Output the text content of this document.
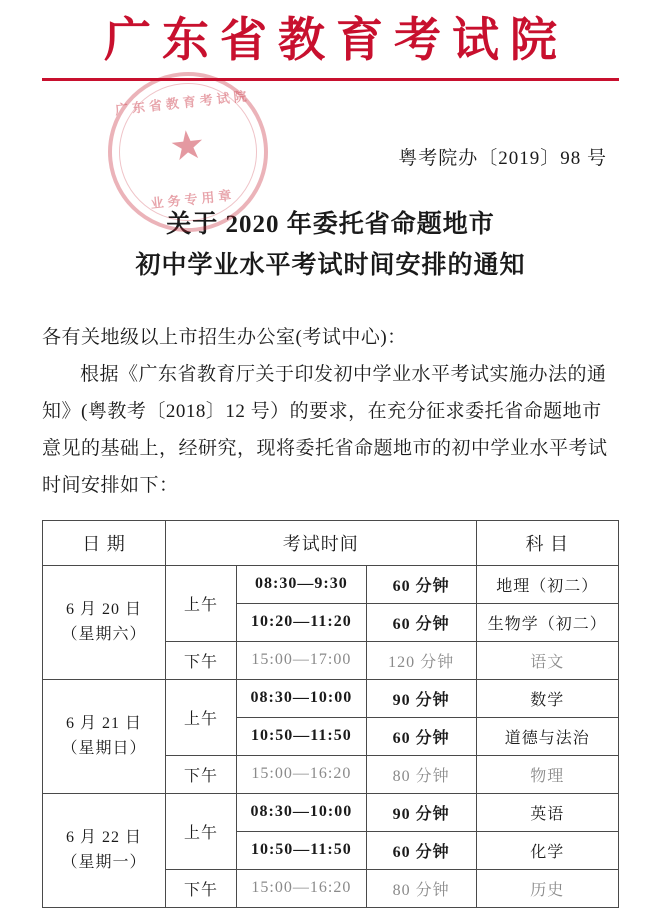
广东省教育考试院
广东省教育考试院
★
业务专用章
粤考院办〔2019〕98 号
关于 2020 年委托省命题地市
初中学业水平考试时间安排的通知

各有关地级以上市招生办公室(考试中心)：

根据《广东省教育厅关于印发初中学业水平考试实施办法的通知》(粤教考〔2018〕12 号）的要求，在充分征求委托省命题地市意见的基础上，经研究，现将委托省命题地市的初中学业水平考试时间安排如下：

日 期	考试时间			科 目

6 月 20 日
（星期六）	上午	08:30—9:30	60 分钟	地理（初二）
		10:20—11:20	60 分钟	生物学（初二）
	下午	15:00—17:00	120 分钟	语文

6 月 21 日
（星期日）	上午	08:30—10:00	90 分钟	数学
		10:50—11:50	60 分钟	道德与法治
	下午	15:00—16:20	80 分钟	物理

6 月 22 日
（星期一）	上午	08:30—10:00	90 分钟	英语
		10:50—11:50	60 分钟	化学
	下午	15:00—16:20	80 分钟	历史
